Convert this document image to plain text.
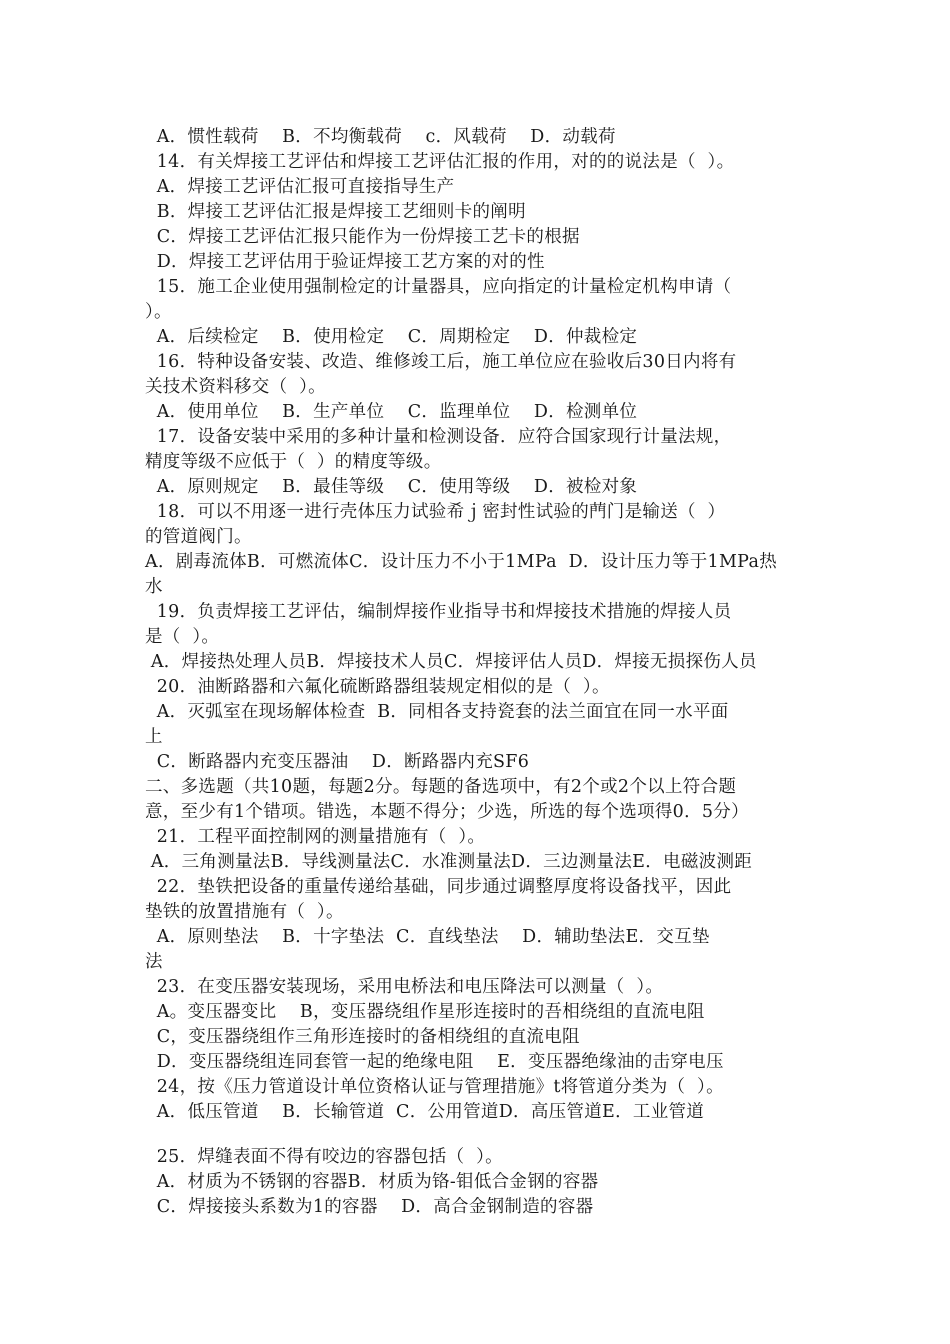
A．惯性载荷    B．不均衡载荷    c．风载荷    D．动载荷
14．有关焊接工艺评估和焊接工艺评估汇报的作用，对的的说法是（  ）。
A．焊接工艺评估汇报可直接指导生产
B．焊接工艺评估汇报是焊接工艺细则卡的阐明
C．焊接工艺评估汇报只能作为一份焊接工艺卡的根据
D．焊接工艺评估用于验证焊接工艺方案的对的性
15．施工企业使用强制检定的计量器具，应向指定的计量检定机构申请（
）。
A．后续检定    B．使用检定    C．周期检定    D．仲裁检定
16．特种设备安装、改造、维修竣工后，施工单位应在验收后30日内将有
关技术资料移交（  ）。
A．使用单位    B．生产单位    C．监理单位    D．检测单位
17．设备安装中采用的多种计量和检测设备．应符合国家现行计量法规，
精度等级不应低于（  ）的精度等级。
A．原则规定    B．最佳等级    C．使用等级    D．被检对象
18．可以不用逐一进行壳体压力试验希ｊ密封性试验的菛门是输送（  ）
的管道阀门。
A．剧毒流体B．可燃流体C．设计压力不小于1MPa  D．设计压力等于1MPa热
水
19．负责焊接工艺评估，编制焊接作业指导书和焊接技术措施的焊接人员
是（  ）。
A．焊接热处理人员B．焊接技术人员C．焊接评估人员D．焊接无损探伤人员
20．油断路器和六氟化硫断路器组装规定相似的是（  ）。
A．灭弧室在现场解体检查  B．同相各支持瓷套的法兰面宜在同一水平面
上
C．断路器内充变压器油    D．断路器内充SF6
二、多选题（共10题，每题2分。每题的备选项中，有2个或2个以上符合题
意，至少有1个错项。错选，本题不得分；少选，所选的每个选项得0．5分）
21．工程平面控制网的测量措施有（  ）。
A．三角测量法B．导线测量法C．水准测量法D．三边测量法E．电磁波测距
22．垫铁把设备的重量传递给基础，同步通过调整厚度将设备找平，因此
垫铁的放置措施有（  ）。
A．原则垫法    B．十字垫法  C．直线垫法    D．辅助垫法E．交互垫
法
23．在变压器安装现场，采用电桥法和电压降法可以测量（  ）。
A。变压器变比    B，变压器绕组作星形连接时的吾相绕组的直流电阻
C，变压器绕组作三角形连接时的备相绕组的直流电阻
D．变压器绕组连同套管一起的绝缘电阻    E．变压器绝缘油的击穿电压
24，按《压力管道设计单位资格认证与管理措施》t将管道分类为（  ）。
A．低压管道    B．长输管道  C．公用管道D．高压管道E．工业管道
25．焊缝表面不得有咬边的容器包括（  ）。
A．材质为不锈钢的容器B．材质为铬-钼低合金钢的容器
C．焊接接头系数为1的容器    D．高合金钢制造的容器
